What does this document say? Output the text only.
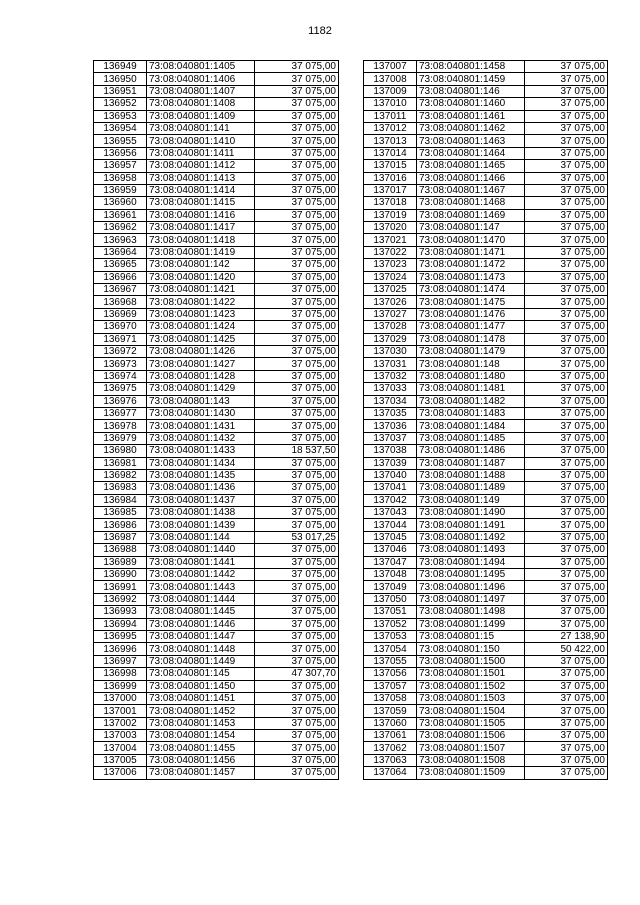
1182
136949	73:08:040801:1405	37 075,00
136950	73:08:040801:1406	37 075,00
136951	73:08:040801:1407	37 075,00
136952	73:08:040801:1408	37 075,00
136953	73:08:040801:1409	37 075,00
136954	73:08:040801:141	37 075,00
136955	73:08:040801:1410	37 075,00
136956	73:08:040801:1411	37 075,00
136957	73:08:040801:1412	37 075,00
136958	73:08:040801:1413	37 075,00
136959	73:08:040801:1414	37 075,00
136960	73:08:040801:1415	37 075,00
136961	73:08:040801:1416	37 075,00
136962	73:08:040801:1417	37 075,00
136963	73:08:040801:1418	37 075,00
136964	73:08:040801:1419	37 075,00
136965	73:08:040801:142	37 075,00
136966	73:08:040801:1420	37 075,00
136967	73:08:040801:1421	37 075,00
136968	73:08:040801:1422	37 075,00
136969	73:08:040801:1423	37 075,00
136970	73:08:040801:1424	37 075,00
136971	73:08:040801:1425	37 075,00
136972	73:08:040801:1426	37 075,00
136973	73:08:040801:1427	37 075,00
136974	73:08:040801:1428	37 075,00
136975	73:08:040801:1429	37 075,00
136976	73:08:040801:143	37 075,00
136977	73:08:040801:1430	37 075,00
136978	73:08:040801:1431	37 075,00
136979	73:08:040801:1432	37 075,00
136980	73:08:040801:1433	18 537,50
136981	73:08:040801:1434	37 075,00
136982	73:08:040801:1435	37 075,00
136983	73:08:040801:1436	37 075,00
136984	73:08:040801:1437	37 075,00
136985	73:08:040801:1438	37 075,00
136986	73:08:040801:1439	37 075,00
136987	73:08:040801:144	53 017,25
136988	73:08:040801:1440	37 075,00
136989	73:08:040801:1441	37 075,00
136990	73:08:040801:1442	37 075,00
136991	73:08:040801:1443	37 075,00
136992	73:08:040801:1444	37 075,00
136993	73:08:040801:1445	37 075,00
136994	73:08:040801:1446	37 075,00
136995	73:08:040801:1447	37 075,00
136996	73:08:040801:1448	37 075,00
136997	73:08:040801:1449	37 075,00
136998	73:08:040801:145	47 307,70
136999	73:08:040801:1450	37 075,00
137000	73:08:040801:1451	37 075,00
137001	73:08:040801:1452	37 075,00
137002	73:08:040801:1453	37 075,00
137003	73:08:040801:1454	37 075,00
137004	73:08:040801:1455	37 075,00
137005	73:08:040801:1456	37 075,00
137006	73:08:040801:1457	37 075,00
137007	73:08:040801:1458	37 075,00
137008	73:08:040801:1459	37 075,00
137009	73:08:040801:146	37 075,00
137010	73:08:040801:1460	37 075,00
137011	73:08:040801:1461	37 075,00
137012	73:08:040801:1462	37 075,00
137013	73:08:040801:1463	37 075,00
137014	73:08:040801:1464	37 075,00
137015	73:08:040801:1465	37 075,00
137016	73:08:040801:1466	37 075,00
137017	73:08:040801:1467	37 075,00
137018	73:08:040801:1468	37 075,00
137019	73:08:040801:1469	37 075,00
137020	73:08:040801:147	37 075,00
137021	73:08:040801:1470	37 075,00
137022	73:08:040801:1471	37 075,00
137023	73:08:040801:1472	37 075,00
137024	73:08:040801:1473	37 075,00
137025	73:08:040801:1474	37 075,00
137026	73:08:040801:1475	37 075,00
137027	73:08:040801:1476	37 075,00
137028	73:08:040801:1477	37 075,00
137029	73:08:040801:1478	37 075,00
137030	73:08:040801:1479	37 075,00
137031	73:08:040801:148	37 075,00
137032	73:08:040801:1480	37 075,00
137033	73:08:040801:1481	37 075,00
137034	73:08:040801:1482	37 075,00
137035	73:08:040801:1483	37 075,00
137036	73:08:040801:1484	37 075,00
137037	73:08:040801:1485	37 075,00
137038	73:08:040801:1486	37 075,00
137039	73:08:040801:1487	37 075,00
137040	73:08:040801:1488	37 075,00
137041	73:08:040801:1489	37 075,00
137042	73:08:040801:149	37 075,00
137043	73:08:040801:1490	37 075,00
137044	73:08:040801:1491	37 075,00
137045	73:08:040801:1492	37 075,00
137046	73:08:040801:1493	37 075,00
137047	73:08:040801:1494	37 075,00
137048	73:08:040801:1495	37 075,00
137049	73:08:040801:1496	37 075,00
137050	73:08:040801:1497	37 075,00
137051	73:08:040801:1498	37 075,00
137052	73:08:040801:1499	37 075,00
137053	73:08:040801:15	27 138,90
137054	73:08:040801:150	50 422,00
137055	73:08:040801:1500	37 075,00
137056	73:08:040801:1501	37 075,00
137057	73:08:040801:1502	37 075,00
137058	73:08:040801:1503	37 075,00
137059	73:08:040801:1504	37 075,00
137060	73:08:040801:1505	37 075,00
137061	73:08:040801:1506	37 075,00
137062	73:08:040801:1507	37 075,00
137063	73:08:040801:1508	37 075,00
137064	73:08:040801:1509	37 075,00
